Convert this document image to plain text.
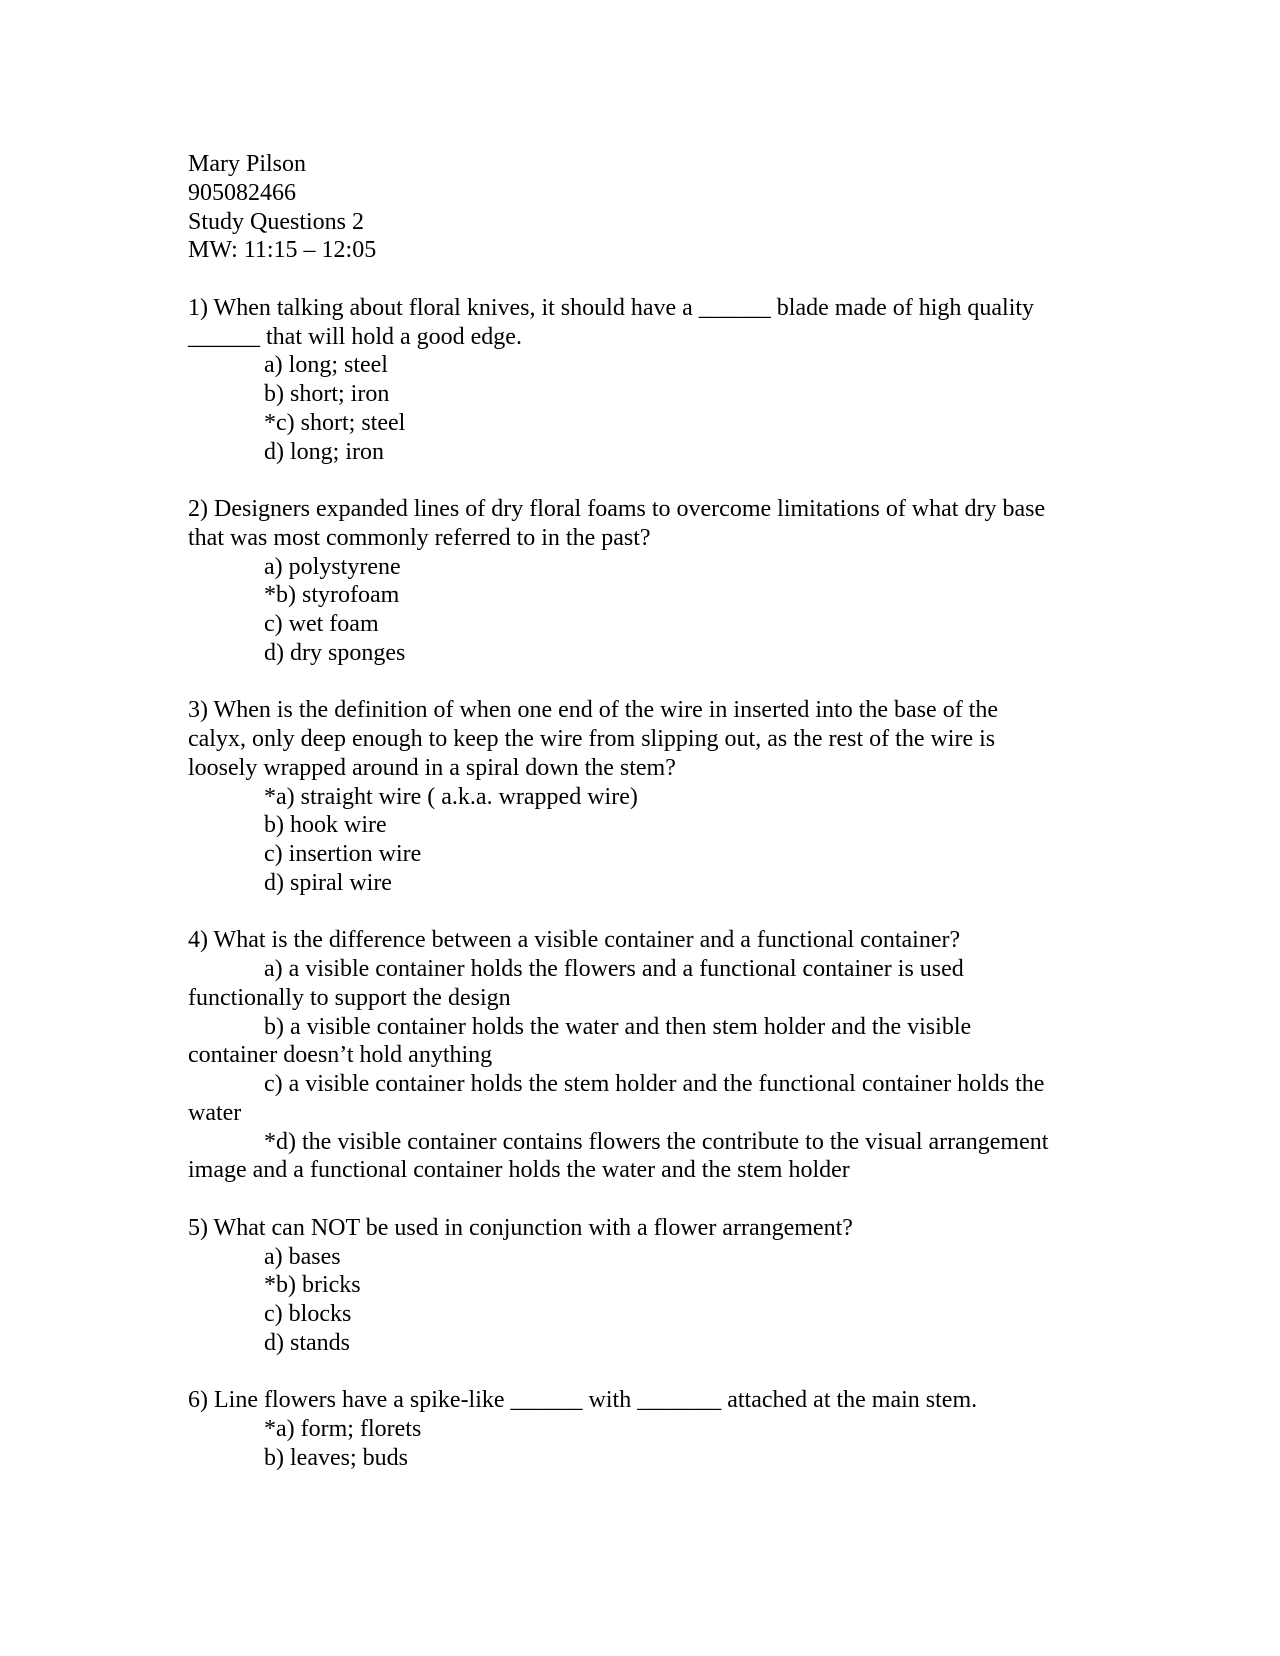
Mary Pilson
905082466
Study Questions 2
MW: 11:15 – 12:05
1) When talking about floral knives, it should have a ______ blade made of high quality
______ that will hold a good edge.
a) long; steel
b) short; iron
*c) short; steel
d) long; iron
2) Designers expanded lines of dry floral foams to overcome limitations of what dry base
that was most commonly referred to in the past?
a) polystyrene
*b) styrofoam
c) wet foam
d) dry sponges
3) When is the definition of when one end of the wire in inserted into the base of the
calyx, only deep enough to keep the wire from slipping out, as the rest of the wire is
loosely wrapped around in a spiral down the stem?
*a) straight wire ( a.k.a. wrapped wire)
b) hook wire
c) insertion wire
d) spiral wire
4) What is the difference between a visible container and a functional container?
a) a visible container holds the flowers and a functional container is used
functionally to support the design
b) a visible container holds the water and then stem holder and the visible
container doesn’t hold anything
c) a visible container holds the stem holder and the functional container holds the
water
*d) the visible container contains flowers the contribute to the visual arrangement
image and a functional container holds the water and the stem holder
5) What can NOT be used in conjunction with a flower arrangement?
a) bases
*b) bricks
c) blocks
d) stands
6) Line flowers have a spike-like ______ with _______ attached at the main stem.
*a) form; florets
b) leaves; buds
